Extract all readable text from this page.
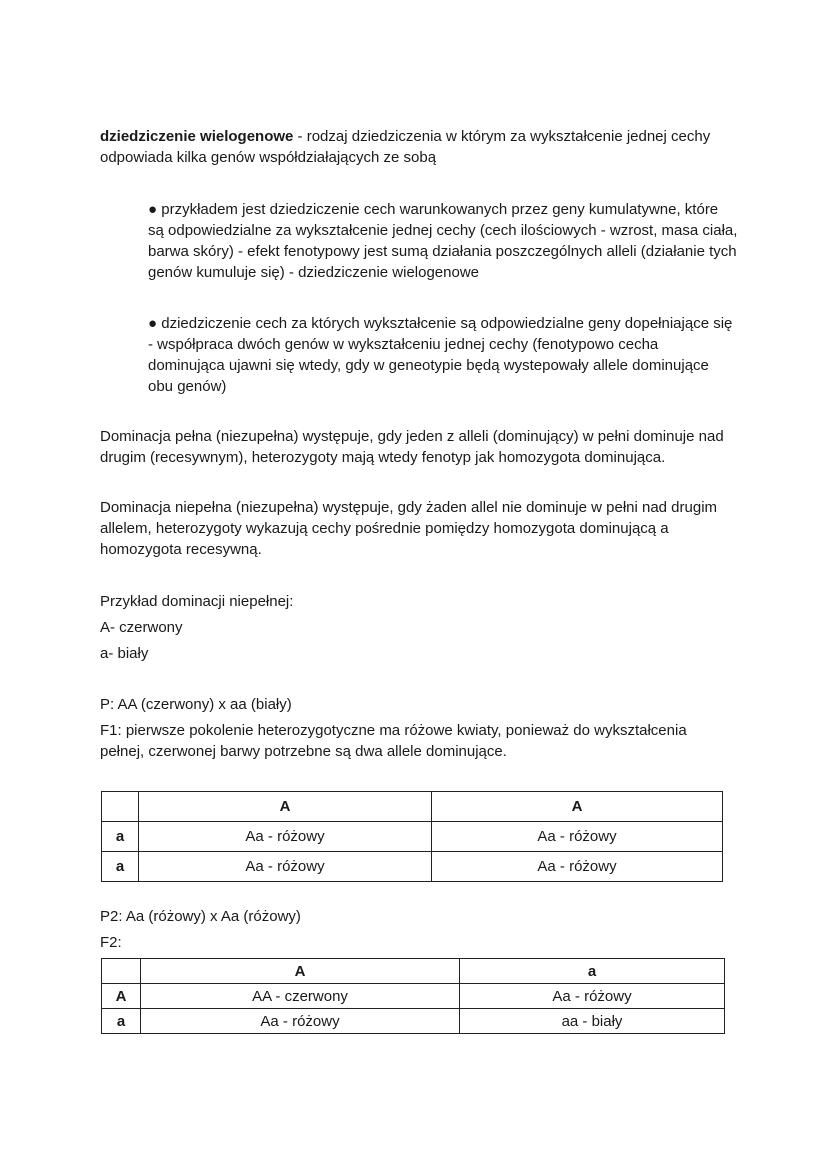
dziedziczenie wielogenowe - rodzaj dziedziczenia w którym za wykształcenie jednej cechy odpowiada kilka genów współdziałających ze sobą

● przykładem jest dziedziczenie cech warunkowanych przez geny kumulatywne, które są odpowiedzialne za wykształcenie jednej cechy (cech ilościowych - wzrost, masa ciała, barwa skóry) - efekt fenotypowy jest sumą działania poszczególnych alleli (działanie tych genów kumuluje się) - dziedziczenie wielogenowe

● dziedziczenie cech za których wykształcenie są odpowiedzialne geny dopełniające się - współpraca dwóch genów w wykształceniu jednej cechy (fenotypowo cecha dominująca ujawni się wtedy, gdy w geneotypie będą wystepowały allele dominujące obu genów)

Dominacja pełna (niezupełna) występuje, gdy jeden z alleli (dominujący) w pełni dominuje nad drugim (recesywnym), heterozygoty mają wtedy fenotyp jak homozygota dominująca.

Dominacja niepełna (niezupełna) występuje, gdy żaden allel nie dominuje w pełni nad drugim allelem, heterozygoty wykazują cechy pośrednie pomiędzy homozygota dominującą a homozygota recesywną.

Przykład dominacji niepełnej:

A- czerwony

a- biały

P: AA (czerwony) x aa (biały)

F1: pierwsze pokolenie heterozygotyczne ma różowe kwiaty, ponieważ do wykształcenia pełnej, czerwonej barwy potrzebne są dwa allele dominujące.

	A	A
a	Aa - różowy	Aa - różowy
a	Aa - różowy	Aa - różowy

P2: Aa (różowy) x Aa (różowy)

F2:

	A	a
A	AA - czerwony	Aa - różowy
a	Aa - różowy	aa - biały
